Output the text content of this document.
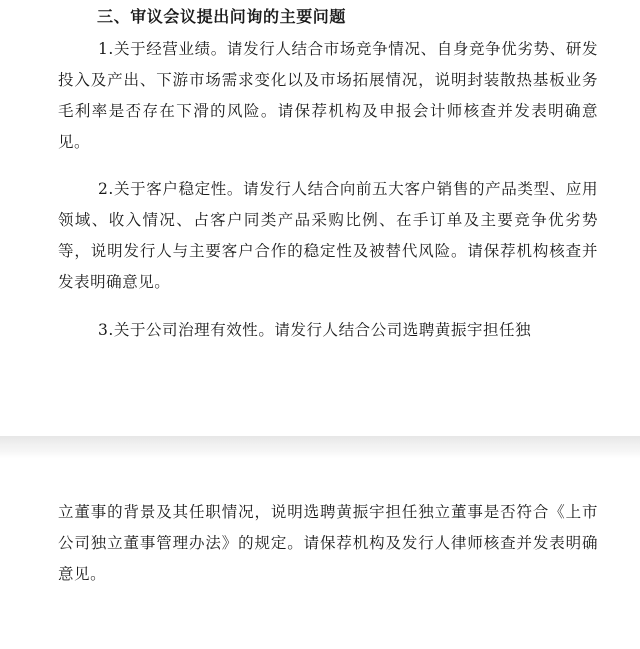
三、审议会议提出问询的主要问题
1.关于经营业绩。请发行人结合市场竞争情况、自身竞争优劣势、研发投入及产出、下游市场需求变化以及市场拓展情况，说明封装散热基板业务毛利率是否存在下滑的风险。请保荐机构及申报会计师核查并发表明确意见。
2.关于客户稳定性。请发行人结合向前五大客户销售的产品类型、应用领域、收入情况、占客户同类产品采购比例、在手订单及主要竞争优劣势等，说明发行人与主要客户合作的稳定性及被替代风险。请保荐机构核查并发表明确意见。
3.关于公司治理有效性。请发行人结合公司选聘黄振宇担任独
立董事的背景及其任职情况，说明选聘黄振宇担任独立董事是否符合《上市公司独立董事管理办法》的规定。请保荐机构及发行人律师核查并发表明确意见。
